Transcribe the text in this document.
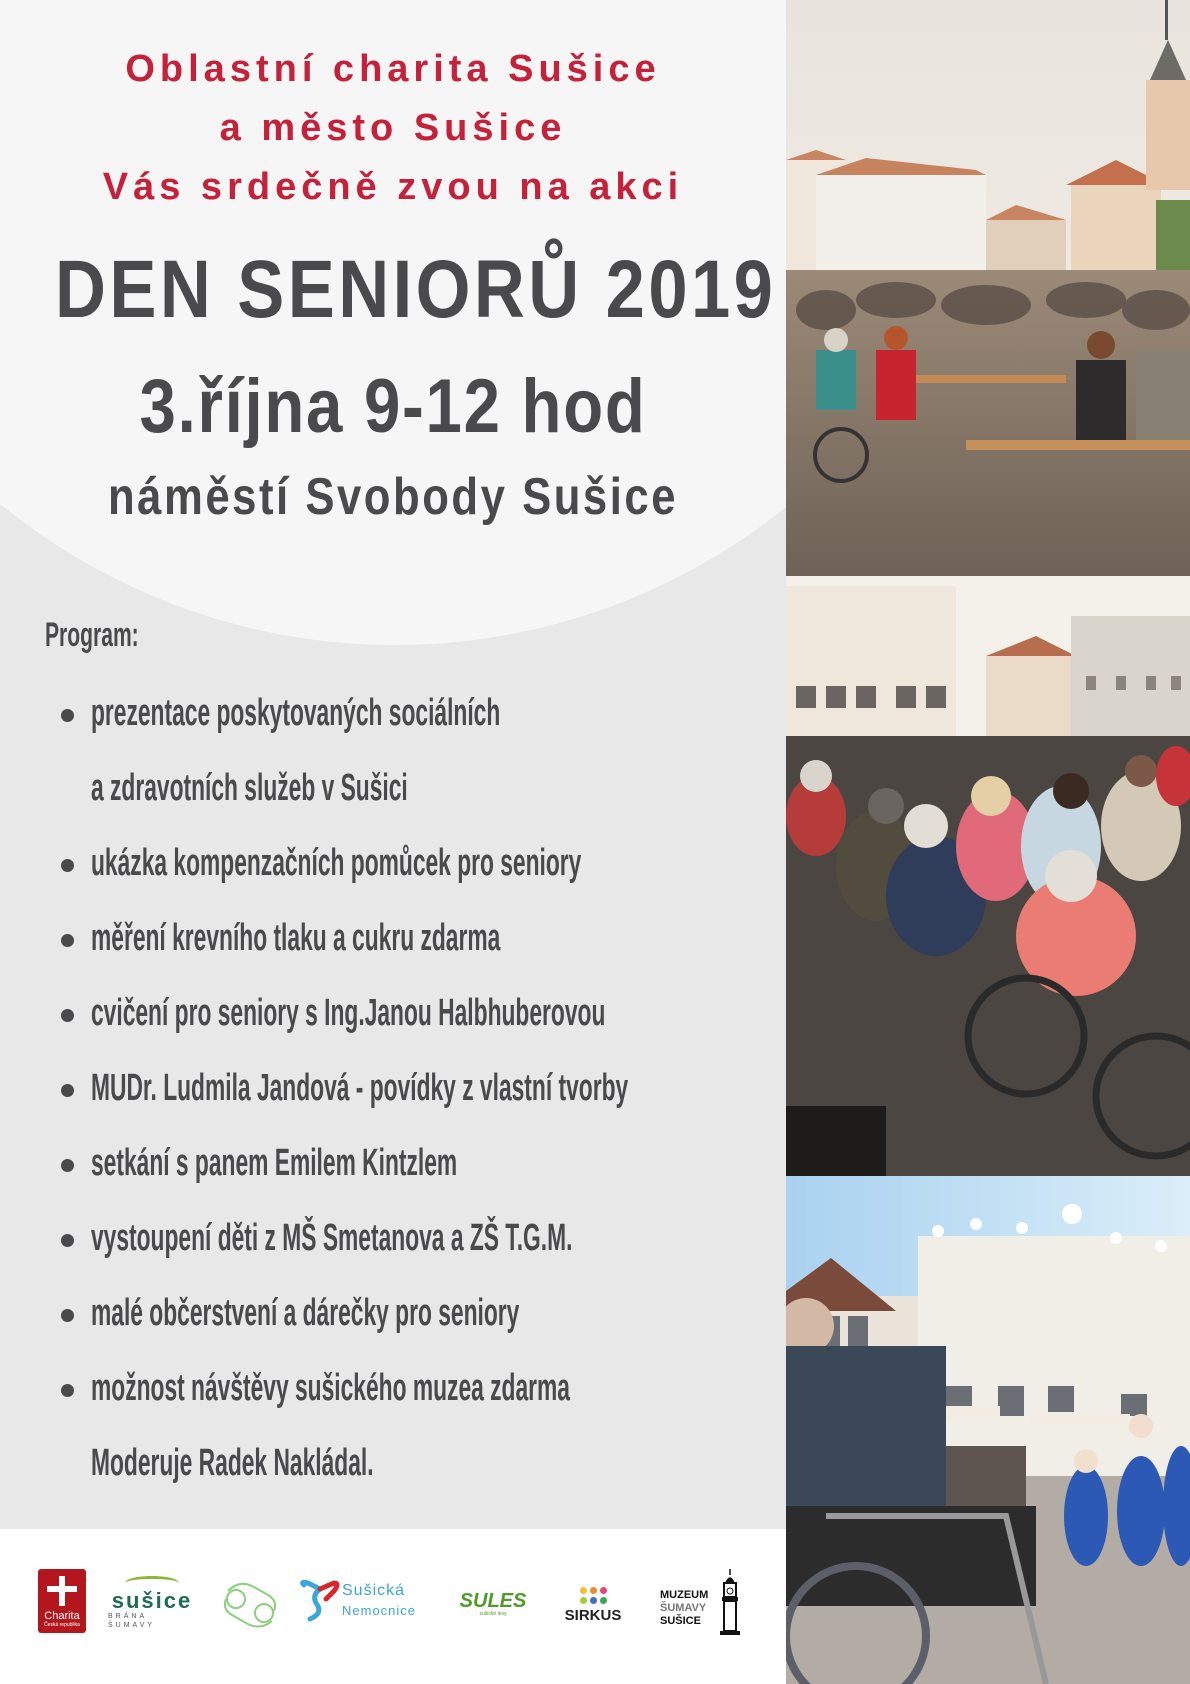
Oblastní charita Sušice
a město Sušice
Vás srdečně zvou na akci
DEN SENIORŮ 2019
3.října 9-12 hod
náměstí Svobody Sušice
Program:
prezentace poskytovaných sociálních
a zdravotních služeb v Sušici
ukázka kompenzačních pomůcek pro seniory
měření krevního tlaku a cukru zdarma
cvičení pro seniory s Ing.Janou Halbhuberovou
MUDr. Ludmila Jandová - povídky z vlastní tvorby
setkání s panem Emilem Kintzlem
vystoupení děti z MŠ Smetanova a ZŠ T.G.M.
malé občerstvení a dárečky pro seniory
možnost návštěvy sušického muzea zdarma
Moderuje Radek Nakládal.
Charita
Česká republika
sušice
BRÁNA ŠUMAVY
Sušická
Nemocnice SULES
sušické lesy	SIRKUS
MUZEUM
ŠUMAVY
SUŠICE
